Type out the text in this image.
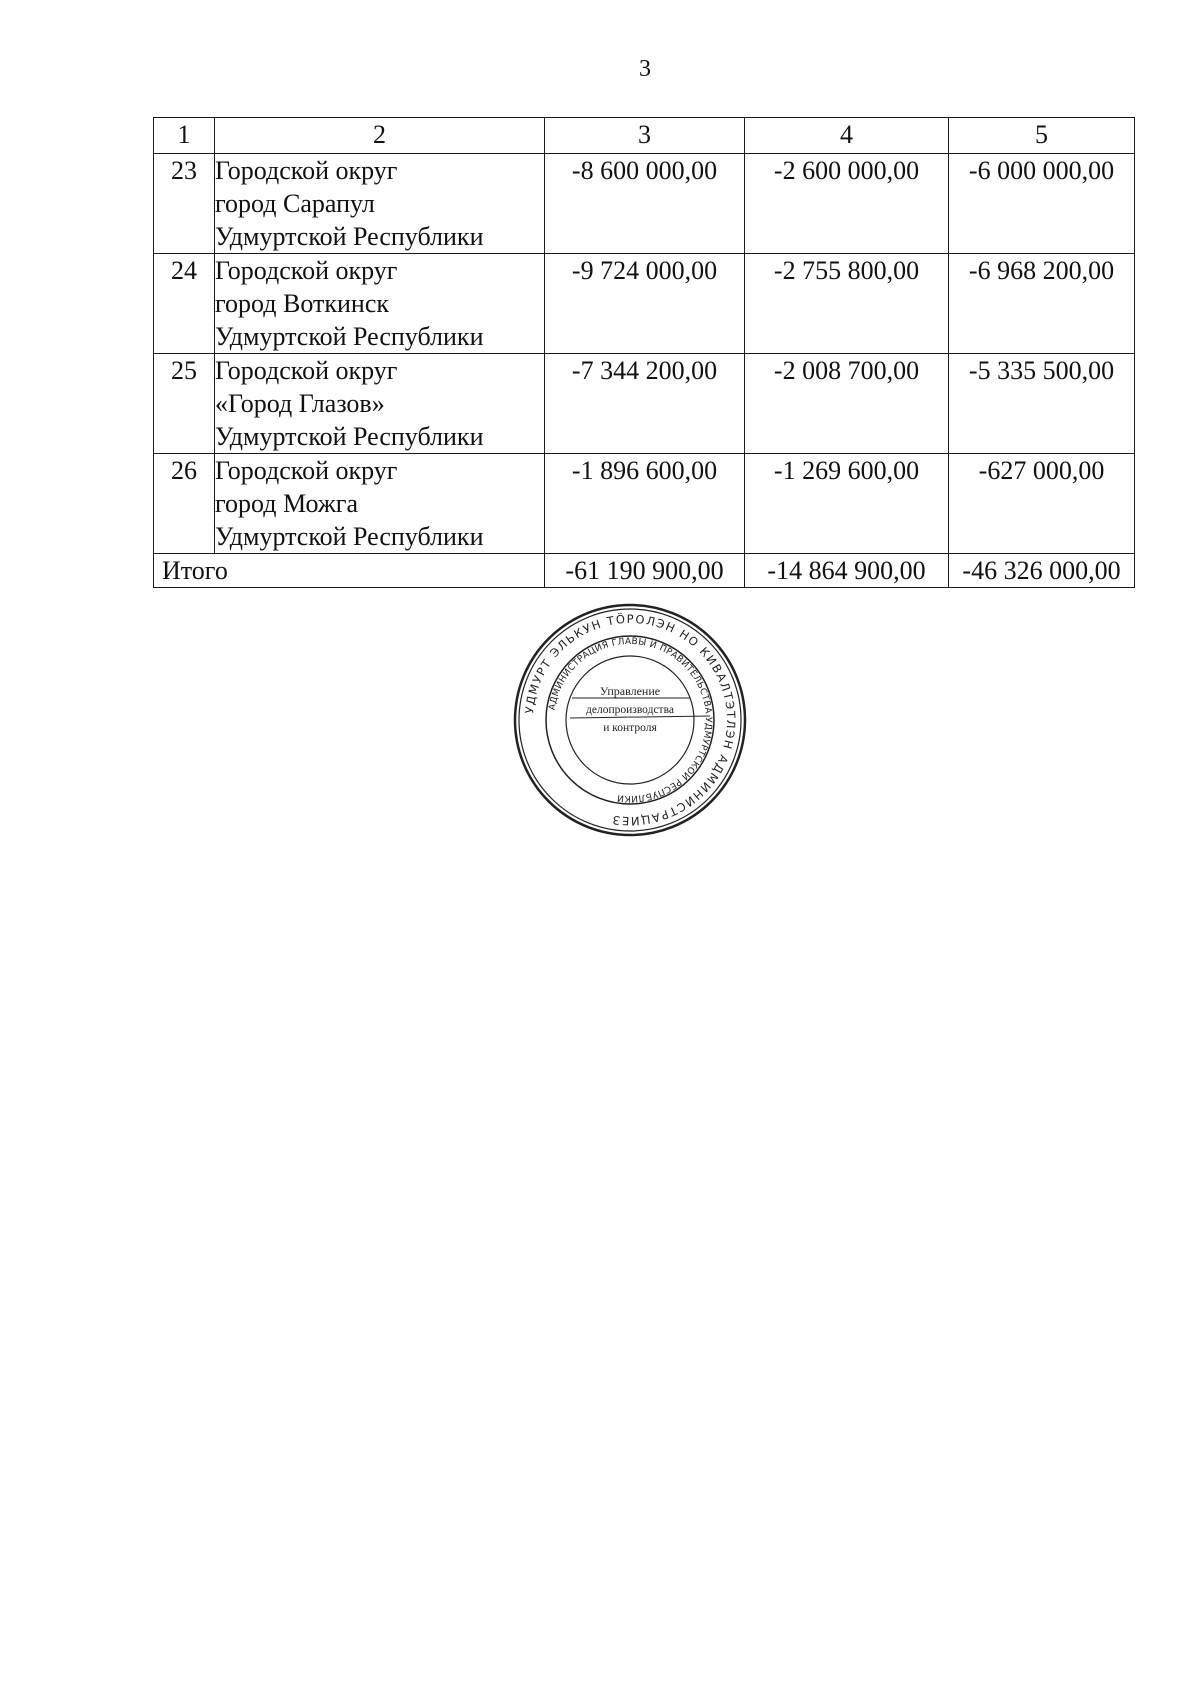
3
1	2	3	4	5
23	Городской округ
город Сарапул
Удмуртской Республики	-8 600 000,00	-2 600 000,00	-6 000 000,00
24	Городской округ
город Воткинск
Удмуртской Республики	-9 724 000,00	-2 755 800,00	-6 968 200,00
25	Городской округ
«Город Глазов»
Удмуртской Республики	-7 344 200,00	-2 008 700,00	-5 335 500,00
26	Городской округ
город Можга
Удмуртской Республики	-1 896 600,00	-1 269 600,00	-627 000,00
Итого		-61 190 900,00	-14 864 900,00	-46 326 000,00
УДМУРТ ЭЛЬКУН ТӦРОЛЭН НО КИВАЛТЭТЛЭН АДМИНИСТРАЦИЕЗ
АДМИНИСТРАЦИЯ ГЛАВЫ И ПРАВИТЕЛЬСТВА УДМУРТСКОЙ РЕСПУБЛИКИ
Управление
делопроизводства
и контроля
